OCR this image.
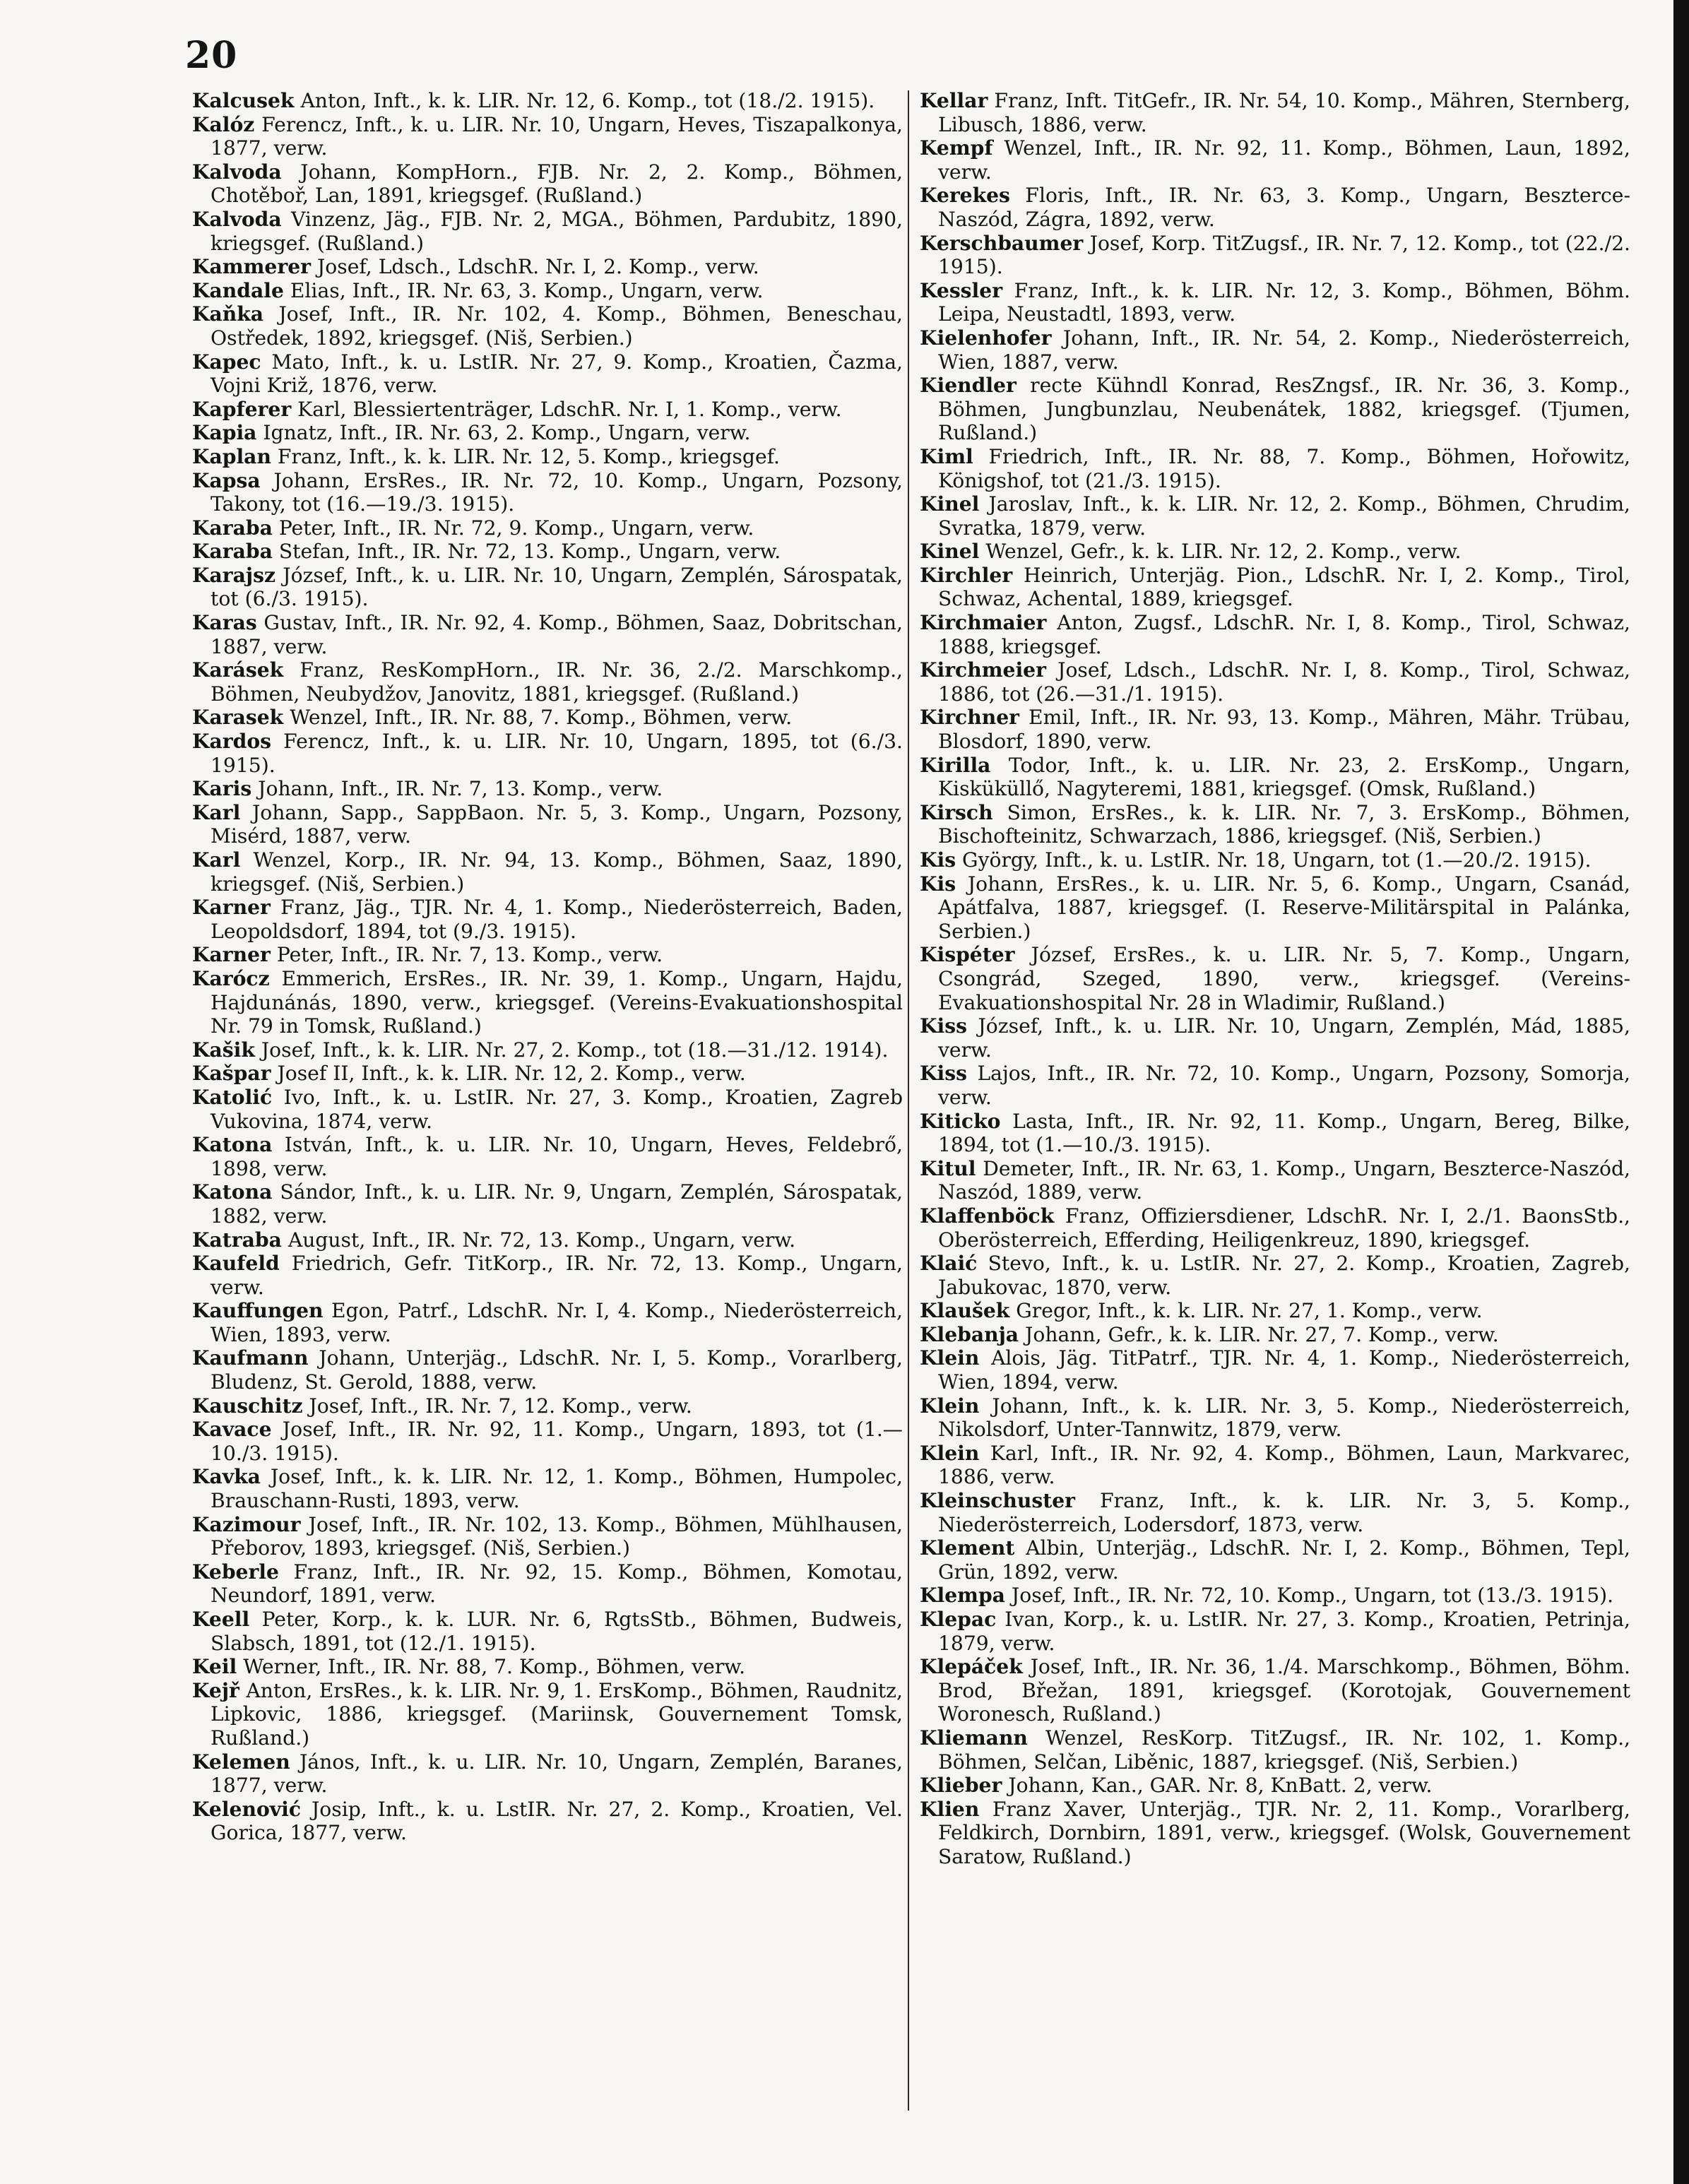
20

Kalcusek Anton, Inft., k. k. LIR. Nr. 12, 6. Komp., tot (18./2. 1915).

Kalóz Ferencz, Inft., k. u. LIR. Nr. 10, Ungarn, Heves, Tiszapalkonya, 1877, verw.

Kalvoda Johann, KompHorn., FJB. Nr. 2, 2. Komp., Böhmen, Chotěboř, Lan, 1891, kriegsgef. (Rußland.)

Kalvoda Vinzenz, Jäg., FJB. Nr. 2, MGA., Böhmen, Pardubitz, 1890, kriegsgef. (Rußland.)

Kammerer Josef, Ldsch., LdschR. Nr. I, 2. Komp., verw.

Kandale Elias, Inft., IR. Nr. 63, 3. Komp., Ungarn, verw.

Kaňka Josef, Inft., IR. Nr. 102, 4. Komp., Böhmen, Beneschau, Ostředek, 1892, kriegsgef. (Niš, Serbien.)

Kapec Mato, Inft., k. u. LstIR. Nr. 27, 9. Komp., Kroatien, Čazma, Vojni Križ, 1876, verw.

Kapferer Karl, Blessiertenträger, LdschR. Nr. I, 1. Komp., verw.

Kapia Ignatz, Inft., IR. Nr. 63, 2. Komp., Ungarn, verw.

Kaplan Franz, Inft., k. k. LIR. Nr. 12, 5. Komp., kriegsgef.

Kapsa Johann, ErsRes., IR. Nr. 72, 10. Komp., Ungarn, Pozsony, Takony, tot (16.—19./3. 1915).

Karaba Peter, Inft., IR. Nr. 72, 9. Komp., Ungarn, verw.

Karaba Stefan, Inft., IR. Nr. 72, 13. Komp., Ungarn, verw.

Karajsz József, Inft., k. u. LIR. Nr. 10, Ungarn, Zemplén, Sárospatak, tot (6./3. 1915).

Karas Gustav, Inft., IR. Nr. 92, 4. Komp., Böhmen, Saaz, Dobritschan, 1887, verw.

Karásek Franz, ResKompHorn., IR. Nr. 36, 2./2. Marschkomp., Böhmen, Neubydžov, Janovitz, 1881, kriegsgef. (Rußland.)

Karasek Wenzel, Inft., IR. Nr. 88, 7. Komp., Böhmen, verw.

Kardos Ferencz, Inft., k. u. LIR. Nr. 10, Ungarn, 1895, tot (6./3. 1915).

Karis Johann, Inft., IR. Nr. 7, 13. Komp., verw.

Karl Johann, Sapp., SappBaon. Nr. 5, 3. Komp., Ungarn, Pozsony, Misérd, 1887, verw.

Karl Wenzel, Korp., IR. Nr. 94, 13. Komp., Böhmen, Saaz, 1890, kriegsgef. (Niš, Serbien.)

Karner Franz, Jäg., TJR. Nr. 4, 1. Komp., Niederösterreich, Baden, Leopoldsdorf, 1894, tot (9./3. 1915).

Karner Peter, Inft., IR. Nr. 7, 13. Komp., verw.

Karócz Emmerich, ErsRes., IR. Nr. 39, 1. Komp., Ungarn, Hajdu, Hajdunánás, 1890, verw., kriegsgef. (Vereins-Evakuationshospital Nr. 79 in Tomsk, Rußland.)

Kašik Josef, Inft., k. k. LIR. Nr. 27, 2. Komp., tot (18.—31./12. 1914).

Kašpar Josef II, Inft., k. k. LIR. Nr. 12, 2. Komp., verw.

Katolić Ivo, Inft., k. u. LstIR. Nr. 27, 3. Komp., Kroatien, Zagreb Vukovina, 1874, verw.

Katona István, Inft., k. u. LIR. Nr. 10, Ungarn, Heves, Feldebrő, 1898, verw.

Katona Sándor, Inft., k. u. LIR. Nr. 9, Ungarn, Zemplén, Sárospatak, 1882, verw.

Katraba August, Inft., IR. Nr. 72, 13. Komp., Ungarn, verw.

Kaufeld Friedrich, Gefr. TitKorp., IR. Nr. 72, 13. Komp., Ungarn, verw.

Kauffungen Egon, Patrf., LdschR. Nr. I, 4. Komp., Niederösterreich, Wien, 1893, verw.

Kaufmann Johann, Unterjäg., LdschR. Nr. I, 5. Komp., Vorarlberg, Bludenz, St. Gerold, 1888, verw.

Kauschitz Josef, Inft., IR. Nr. 7, 12. Komp., verw.

Kavace Josef, Inft., IR. Nr. 92, 11. Komp., Ungarn, 1893, tot (1.—10./3. 1915).

Kavka Josef, Inft., k. k. LIR. Nr. 12, 1. Komp., Böhmen, Humpolec, Brauschann-Rusti, 1893, verw.

Kazimour Josef, Inft., IR. Nr. 102, 13. Komp., Böhmen, Mühlhausen, Přeborov, 1893, kriegsgef. (Niš, Serbien.)

Keberle Franz, Inft., IR. Nr. 92, 15. Komp., Böhmen, Komotau, Neundorf, 1891, verw.

Keell Peter, Korp., k. k. LUR. Nr. 6, RgtsStb., Böhmen, Budweis, Slabsch, 1891, tot (12./1. 1915).

Keil Werner, Inft., IR. Nr. 88, 7. Komp., Böhmen, verw.

Kejř Anton, ErsRes., k. k. LIR. Nr. 9, 1. ErsKomp., Böhmen, Raudnitz, Lipkovic, 1886, kriegsgef. (Mariinsk, Gouvernement Tomsk, Rußland.)

Kelemen János, Inft., k. u. LIR. Nr. 10, Ungarn, Zemplén, Baranes, 1877, verw.

Kelenović Josip, Inft., k. u. LstIR. Nr. 27, 2. Komp., Kroatien, Vel. Gorica, 1877, verw.

Kellar Franz, Inft. TitGefr., IR. Nr. 54, 10. Komp., Mähren, Sternberg, Libusch, 1886, verw.

Kempf Wenzel, Inft., IR. Nr. 92, 11. Komp., Böhmen, Laun, 1892, verw.

Kerekes Floris, Inft., IR. Nr. 63, 3. Komp., Ungarn, Beszterce-Naszód, Zágra, 1892, verw.

Kerschbaumer Josef, Korp. TitZugsf., IR. Nr. 7, 12. Komp., tot (22./2. 1915).

Kessler Franz, Inft., k. k. LIR. Nr. 12, 3. Komp., Böhmen, Böhm. Leipa, Neustadtl, 1893, verw.

Kielenhofer Johann, Inft., IR. Nr. 54, 2. Komp., Niederösterreich, Wien, 1887, verw.

Kiendler recte Kühndl Konrad, ResZngsf., IR. Nr. 36, 3. Komp., Böhmen, Jungbunzlau, Neubenátek, 1882, kriegsgef. (Tjumen, Rußland.)

Kiml Friedrich, Inft., IR. Nr. 88, 7. Komp., Böhmen, Hořowitz, Königshof, tot (21./3. 1915).

Kinel Jaroslav, Inft., k. k. LIR. Nr. 12, 2. Komp., Böhmen, Chrudim, Svratka, 1879, verw.

Kinel Wenzel, Gefr., k. k. LIR. Nr. 12, 2. Komp., verw.

Kirchler Heinrich, Unterjäg. Pion., LdschR. Nr. I, 2. Komp., Tirol, Schwaz, Achental, 1889, kriegsgef.

Kirchmaier Anton, Zugsf., LdschR. Nr. I, 8. Komp., Tirol, Schwaz, 1888, kriegsgef.

Kirchmeier Josef, Ldsch., LdschR. Nr. I, 8. Komp., Tirol, Schwaz, 1886, tot (26.—31./1. 1915).

Kirchner Emil, Inft., IR. Nr. 93, 13. Komp., Mähren, Mähr. Trübau, Blosdorf, 1890, verw.

Kirilla Todor, Inft., k. u. LIR. Nr. 23, 2. ErsKomp., Ungarn, Kisküküllő, Nagyteremi, 1881, kriegsgef. (Omsk, Rußland.)

Kirsch Simon, ErsRes., k. k. LIR. Nr. 7, 3. ErsKomp., Böhmen, Bischofteinitz, Schwarzach, 1886, kriegsgef. (Niš, Serbien.)

Kis György, Inft., k. u. LstIR. Nr. 18, Ungarn, tot (1.—20./2. 1915).

Kis Johann, ErsRes., k. u. LIR. Nr. 5, 6. Komp., Ungarn, Csanád, Apátfalva, 1887, kriegsgef. (I. Reserve-Militärspital in Palánka, Serbien.)

Kispéter József, ErsRes., k. u. LIR. Nr. 5, 7. Komp., Ungarn, Csongrád, Szeged, 1890, verw., kriegsgef. (Vereins-Evakuationshospital Nr. 28 in Wladimir, Rußland.)

Kiss József, Inft., k. u. LIR. Nr. 10, Ungarn, Zemplén, Mád, 1885, verw.

Kiss Lajos, Inft., IR. Nr. 72, 10. Komp., Ungarn, Pozsony, Somorja, verw.

Kiticko Lasta, Inft., IR. Nr. 92, 11. Komp., Ungarn, Bereg, Bilke, 1894, tot (1.—10./3. 1915).

Kitul Demeter, Inft., IR. Nr. 63, 1. Komp., Ungarn, Beszterce-Naszód, Naszód, 1889, verw.

Klaffenböck Franz, Offiziersdiener, LdschR. Nr. I, 2./1. BaonsStb., Oberösterreich, Efferding, Heiligenkreuz, 1890, kriegsgef.

Klaić Stevo, Inft., k. u. LstIR. Nr. 27, 2. Komp., Kroatien, Zagreb, Jabukovac, 1870, verw.

Klaušek Gregor, Inft., k. k. LIR. Nr. 27, 1. Komp., verw.

Klebanja Johann, Gefr., k. k. LIR. Nr. 27, 7. Komp., verw.

Klein Alois, Jäg. TitPatrf., TJR. Nr. 4, 1. Komp., Niederösterreich, Wien, 1894, verw.

Klein Johann, Inft., k. k. LIR. Nr. 3, 5. Komp., Niederösterreich, Nikolsdorf, Unter-Tannwitz, 1879, verw.

Klein Karl, Inft., IR. Nr. 92, 4. Komp., Böhmen, Laun, Markvarec, 1886, verw.

Kleinschuster Franz, Inft., k. k. LIR. Nr. 3, 5. Komp., Niederösterreich, Lodersdorf, 1873, verw.

Klement Albin, Unterjäg., LdschR. Nr. I, 2. Komp., Böhmen, Tepl, Grün, 1892, verw.

Klempa Josef, Inft., IR. Nr. 72, 10. Komp., Ungarn, tot (13./3. 1915).

Klepac Ivan, Korp., k. u. LstIR. Nr. 27, 3. Komp., Kroatien, Petrinja, 1879, verw.

Klepáček Josef, Inft., IR. Nr. 36, 1./4. Marschkomp., Böhmen, Böhm. Brod, Břežan, 1891, kriegsgef. (Korotojak, Gouvernement Woronesch, Rußland.)

Kliemann Wenzel, ResKorp. TitZugsf., IR. Nr. 102, 1. Komp., Böhmen, Selčan, Liběnic, 1887, kriegsgef. (Niš, Serbien.)

Klieber Johann, Kan., GAR. Nr. 8, KnBatt. 2, verw.

Klien Franz Xaver, Unterjäg., TJR. Nr. 2, 11. Komp., Vorarlberg, Feldkirch, Dornbirn, 1891, verw., kriegsgef. (Wolsk, Gouvernement Saratow, Rußland.)
